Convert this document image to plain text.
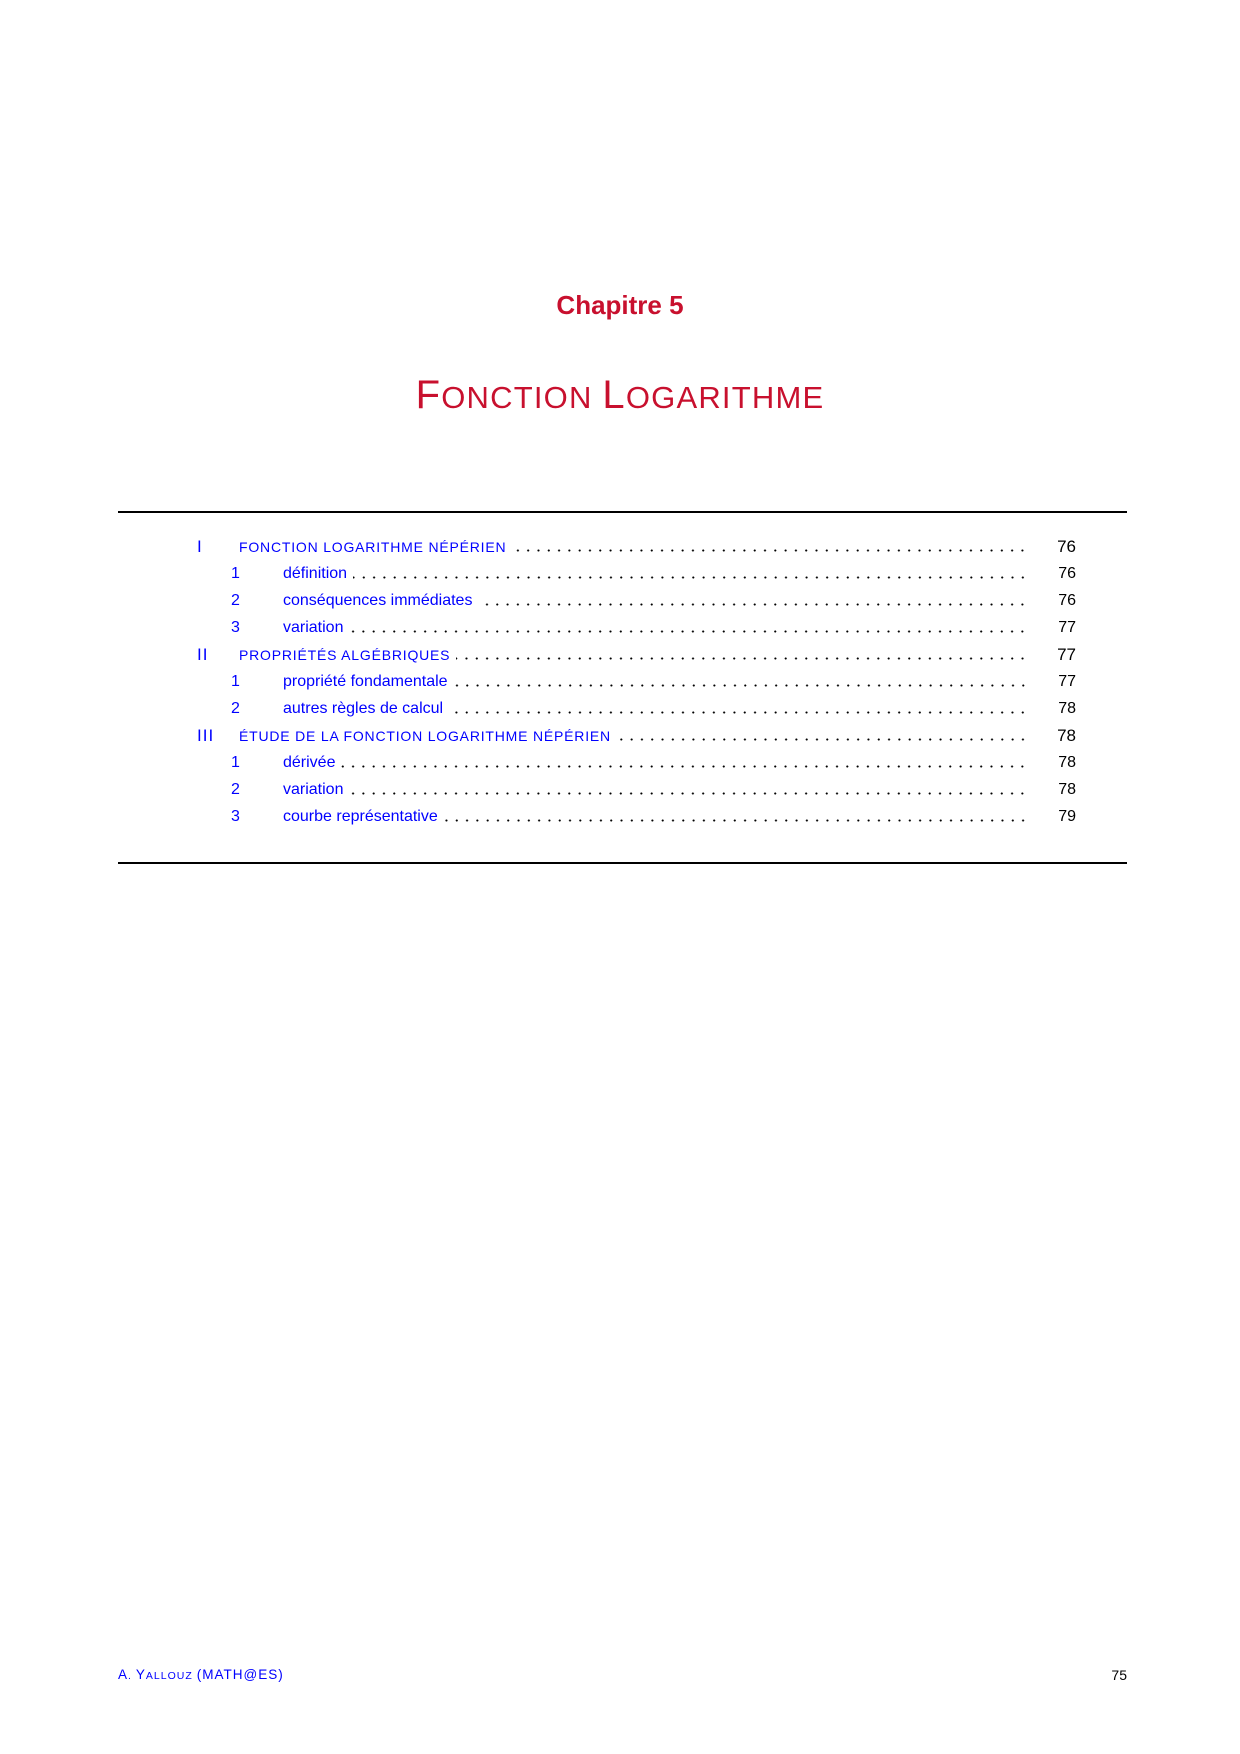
Chapitre 5
FONCTION LOGARITHME
I	FONCTION LOGARITHME NÉPÉRIEN	76
1	définition	76
2	conséquences immédiates	76
3	variation	77
II	PROPRIÉTÉS ALGÉBRIQUES	77
1	propriété fondamentale	77
2	autres règles de calcul	78
III	ÉTUDE DE LA FONCTION LOGARITHME NÉPÉRIEN	78
1	dérivée	78
2	variation	78
3	courbe représentative	79
A. YALLOUZ (MATH@ES)	75
